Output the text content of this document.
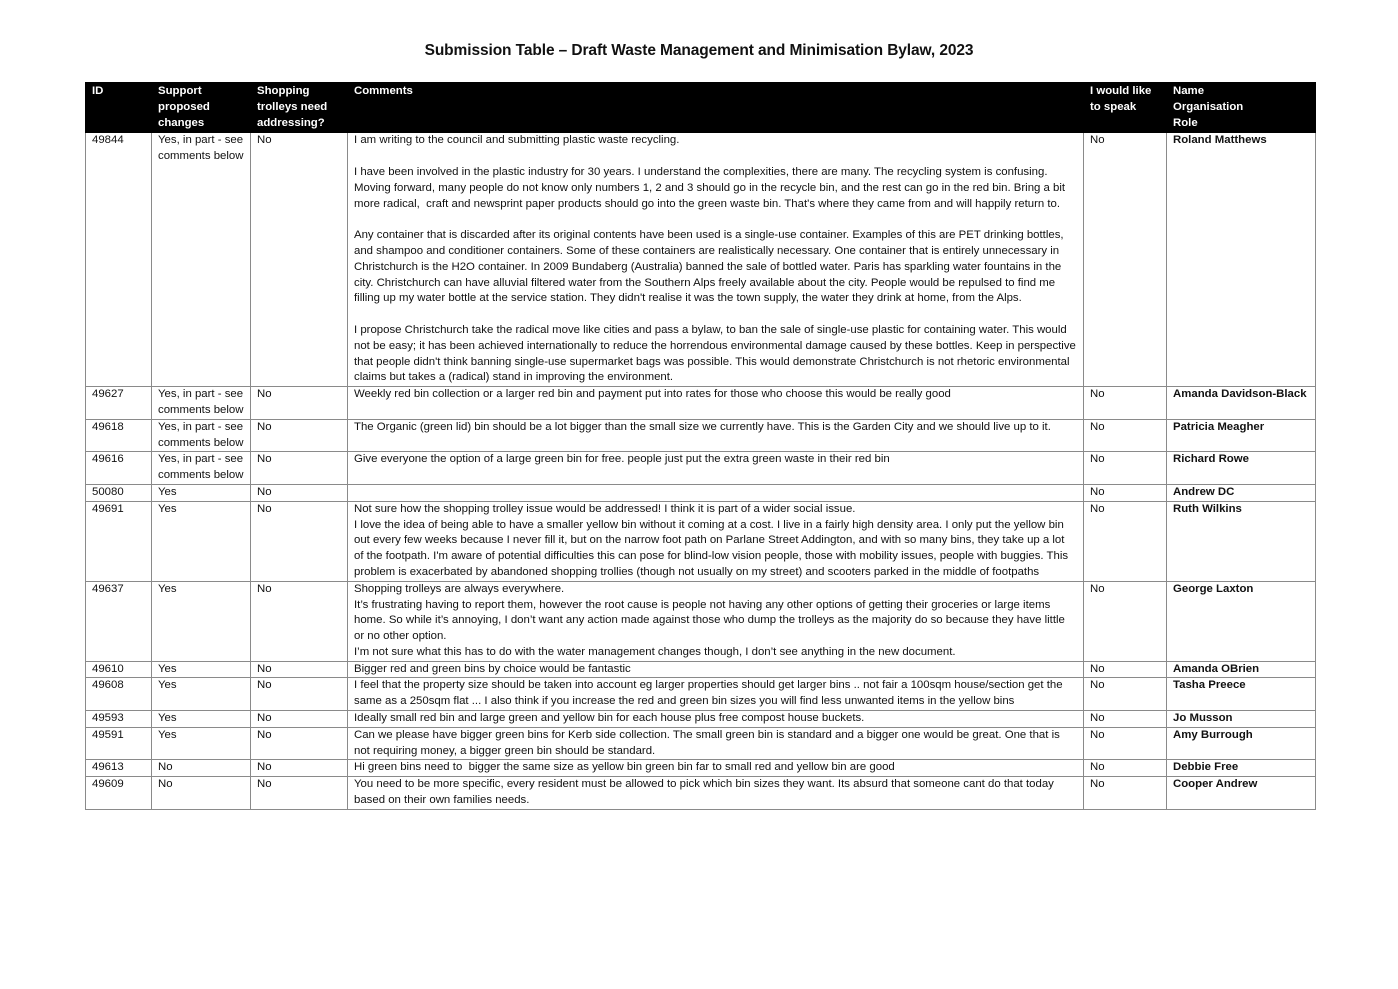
Submission Table – Draft Waste Management and Minimisation Bylaw, 2023
ID	Support
proposed
changes	Shopping
trolleys need
addressing?	Comments	I would like
to speak	Name
Organisation
Role

49844	Yes, in part - see comments below	No	I am writing to the council and submitting plastic waste recycling.

I have been involved in the plastic industry for 30 years. I understand the complexities, there are many. The recycling system is confusing. Moving forward, many people do not know only numbers 1, 2 and 3 should go in the recycle bin, and the rest can go in the red bin. Bring a bit more radical,  craft and newsprint paper products should go into the green waste bin. That's where they came from and will happily return to.

Any container that is discarded after its original contents have been used is a single-use container. Examples of this are PET drinking bottles, and shampoo and conditioner containers. Some of these containers are realistically necessary. One container that is entirely unnecessary in Christchurch is the H2O container. In 2009 Bundaberg (Australia) banned the sale of bottled water. Paris has sparkling water fountains in the city. Christchurch can have alluvial filtered water from the Southern Alps freely available about the city. People would be repulsed to find me filling up my water bottle at the service station. They didn't realise it was the town supply, the water they drink at home, from the Alps.

I propose Christchurch take the radical move like cities and pass a bylaw, to ban the sale of single-use plastic for containing water. This would not be easy; it has been achieved internationally to reduce the horrendous environmental damage caused by these bottles. Keep in perspective that people didn't think banning single-use supermarket bags was possible. This would demonstrate Christchurch is not rhetoric environmental claims but takes a (radical) stand in improving the environment.	No	Roland Matthews
49627	Yes, in part - see comments below	No	Weekly red bin collection or a larger red bin and payment put into rates for those who choose this would be really good	No	Amanda Davidson-Black
49618	Yes, in part - see comments below	No	The Organic (green lid) bin should be a lot bigger than the small size we currently have. This is the Garden City and we should live up to it.	No	Patricia Meagher
49616	Yes, in part - see comments below	No	Give everyone the option of a large green bin for free. people just put the extra green waste in their red bin	No	Richard Rowe
50080	Yes	No		No	Andrew DC
49691	Yes	No	Not sure how the shopping trolley issue would be addressed! I think it is part of a wider social issue.
I love the idea of being able to have a smaller yellow bin without it coming at a cost. I live in a fairly high density area. I only put the yellow bin out every few weeks because I never fill it, but on the narrow foot path on Parlane Street Addington, and with so many bins, they take up a lot of the footpath. I'm aware of potential difficulties this can pose for blind-low vision people, those with mobility issues, people with buggies. This problem is exacerbated by abandoned shopping trollies (though not usually on my street) and scooters parked in the middle of footpaths	No	Ruth Wilkins
49637	Yes	No	Shopping trolleys are always everywhere.
It’s frustrating having to report them, however the root cause is people not having any other options of getting their groceries or large items home. So while it’s annoying, I don’t want any action made against those who dump the trolleys as the majority do so because they have little or no other option.
I’m not sure what this has to do with the water management changes though, I don’t see anything in the new document.	No	George Laxton
49610	Yes	No	Bigger red and green bins by choice would be fantastic	No	Amanda OBrien
49608	Yes	No	I feel that the property size should be taken into account eg larger properties should get larger bins .. not fair a 100sqm house/section get the same as a 250sqm flat ... I also think if you increase the red and green bin sizes you will find less unwanted items in the yellow bins	No	Tasha Preece
49593	Yes	No	Ideally small red bin and large green and yellow bin for each house plus free compost house buckets.	No	Jo Musson
49591	Yes	No	Can we please have bigger green bins for Kerb side collection. The small green bin is standard and a bigger one would be great. One that is not requiring money, a bigger green bin should be standard.	No	Amy Burrough
49613	No	No	Hi green bins need to  bigger the same size as yellow bin green bin far to small red and yellow bin are good	No	Debbie Free
49609	No	No	You need to be more specific, every resident must be allowed to pick which bin sizes they want. Its absurd that someone cant do that today based on their own families needs.	No	Cooper Andrew
